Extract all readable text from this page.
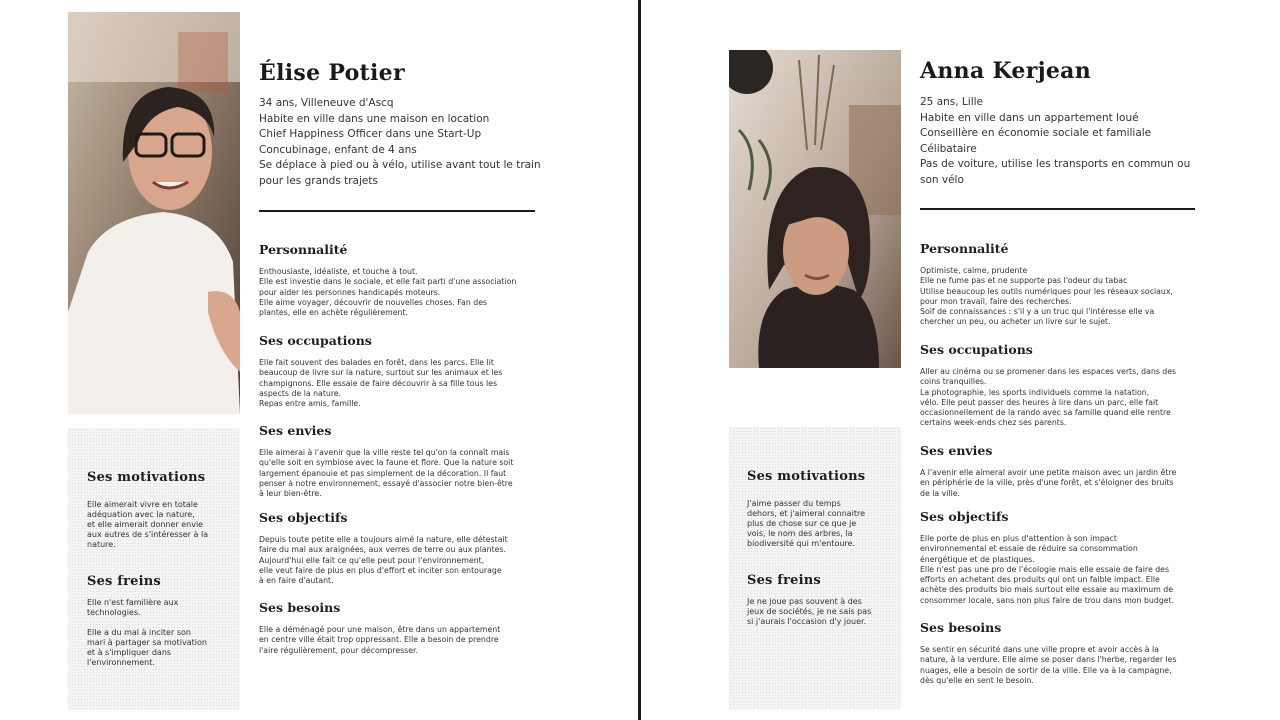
Ses motivations

Elle aimerait vivre en totale
adéquation avec la nature,
et elle aimerait donner envie
aux autres de s'intéresser à la
nature.

Ses freins

Elle n'est familière aux
technologies.

Elle a du mal à inciter son
mari à partager sa motivation
et à s'impliquer dans
l'environnement.

Élise Potier
34 ans, Villeneuve d'Ascq
Habite en ville dans une maison en location
Chief Happiness Officer dans une Start-Up
Concubinage, enfant de 4 ans
Se déplace à pied ou à vélo, utilise avant tout le train
pour les grands trajets
Personnalité

Enthousiaste, idéaliste, et touche à tout.
Elle est investie dans le sociale, et elle fait parti d'une association
pour aider les personnes handicapés moteurs.
Elle aime voyager, découvrir de nouvelles choses. Fan des
plantes, elle en achète régulièrement.

Ses occupations

Elle fait souvent des balades en forêt, dans les parcs. Elle lit
beaucoup de livre sur la nature, surtout sur les animaux et les
champignons. Elle essaie de faire découvrir à sa fille tous les
aspects de la nature.
Repas entre amis, famille.

Ses envies

Elle aimerai à l'avenir que la ville reste tel qu'on la connaît mais
qu'elle soit en symbiose avec la faune et flore. Que la nature soit
largement épanouie et pas simplement de la décoration. Il faut
penser à notre environnement, essayé d'associer notre bien-être
à leur bien-être.

Ses objectifs

Depuis toute petite elle a toujours aimé la nature, elle détestait
faire du mal aux araignées, aux verres de terre ou aux plantes.
Aujourd'hui elle fait ce qu'elle peut pour l'environnement,
elle veut faire de plus en plus d'effort et inciter son entourage
à en faire d'autant.

Ses besoins

Elle a déménagé pour une maison, être dans un appartement
en centre ville était trop oppressant. Elle a besoin de prendre
l'aire régulièrement, pour décompresser.

Ses motivations

J'aime passer du temps
dehors, et j'aimeral connaitre
plus de chose sur ce que je
vois, le nom des arbres, la
biodiversité qui m'entoure.

Ses freins

Je ne joue pas souvent à des
jeux de sociétés, je ne sais pas
si j'aurais l'occasion d'y jouer.

Anna Kerjean
25 ans, Lille
Habite en ville dans un appartement loué
Conseillère en économie sociale et familiale
Célibataire
Pas de voiture, utilise les transports en commun ou
son vélo
Personnalité

Optimiste, calme, prudente
Elle ne fume pas et ne supporte pas l'odeur du tabac
Utilise beaucoup les outils numériques pour les réseaux sociaux,
pour mon travail, faire des recherches.
Soif de connaissances : s'il y a un truc qui l'intéresse elle va
chercher un peu, ou acheter un livre sur le sujet.

Ses occupations

Aller au cinéma ou se promener dans les espaces verts, dans des
coins tranquilles.
La photographie, les sports individuels comme la natation,
vélo. Elle peut passer des heures à lire dans un parc, elle fait
occasionnellement de la rando avec sa famille quand elle rentre
certains week-ends chez ses parents.

Ses envies

A l'avenir elle aimeral avoir une petite maison avec un jardin être
en périphérie de la ville, près d'une forêt, et s'éloigner des bruits
de la ville.

Ses objectifs

Elle porte de plus en plus d'attention à son impact
environnemental et essaie de réduire sa consommation
énergétique et de plastiques.
Elle n'est pas une pro de l'écologie mais elle essaie de faire des
efforts en achetant des produits qui ont un faible impact. Elle
achète des produits bio mais surtout elle essaie au maximum de
consommer locale, sans non plus faire de trou dans mon budget.

Ses besoins

Se sentir en sécurité dans une ville propre et avoir accès à la
nature, à la verdure. Elle aime se poser dans l'herbe, regarder les
nuages, elle a besoin de sortir de la ville. Elle va à la campagne,
dès qu'elle en sent le besoin.
